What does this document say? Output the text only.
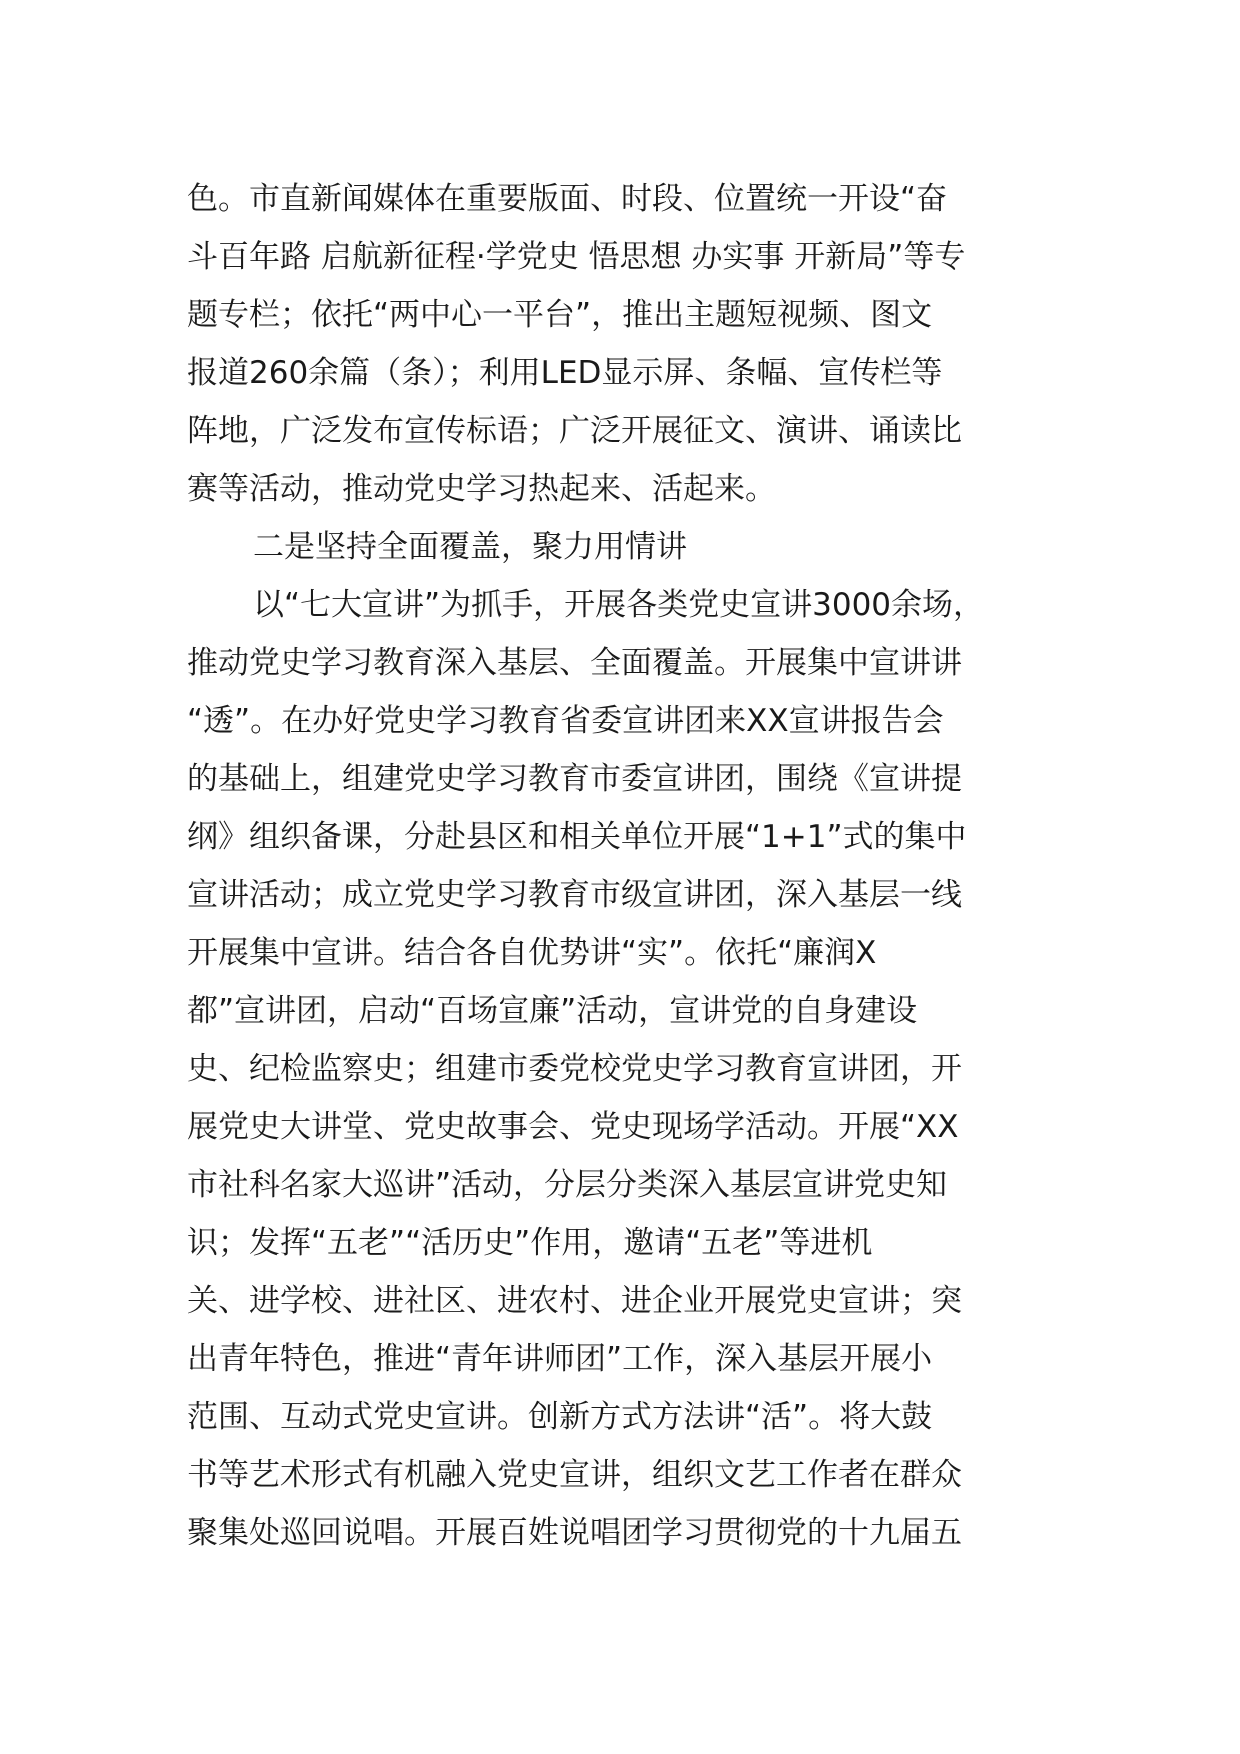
色。市直新闻媒体在重要版面、时段、位置统一开设“奋
斗百年路 启航新征程·学党史 悟思想 办实事 开新局”等专
题专栏；依托“两中心一平台”，推出主题短视频、图文
报道260余篇（条）；利用LED显示屏、条幅、宣传栏等
阵地，广泛发布宣传标语；广泛开展征文、演讲、诵读比
赛等活动，推动党史学习热起来、活起来。
二是坚持全面覆盖，聚力用情讲
以“七大宣讲”为抓手，开展各类党史宣讲3000余场，
推动党史学习教育深入基层、全面覆盖。开展集中宣讲讲
“透”。在办好党史学习教育省委宣讲团来XX宣讲报告会
的基础上，组建党史学习教育市委宣讲团，围绕《宣讲提
纲》组织备课，分赴县区和相关单位开展“1+1”式的集中
宣讲活动；成立党史学习教育市级宣讲团，深入基层一线
开展集中宣讲。结合各自优势讲“实”。依托“廉润X
都”宣讲团，启动“百场宣廉”活动，宣讲党的自身建设
史、纪检监察史；组建市委党校党史学习教育宣讲团，开
展党史大讲堂、党史故事会、党史现场学活动。开展“XX
市社科名家大巡讲”活动，分层分类深入基层宣讲党史知
识；发挥“五老”“活历史”作用，邀请“五老”等进机
关、进学校、进社区、进农村、进企业开展党史宣讲；突
出青年特色，推进“青年讲师团”工作，深入基层开展小
范围、互动式党史宣讲。创新方式方法讲“活”。将大鼓
书等艺术形式有机融入党史宣讲，组织文艺工作者在群众
聚集处巡回说唱。开展百姓说唱团学习贯彻党的十九届五
